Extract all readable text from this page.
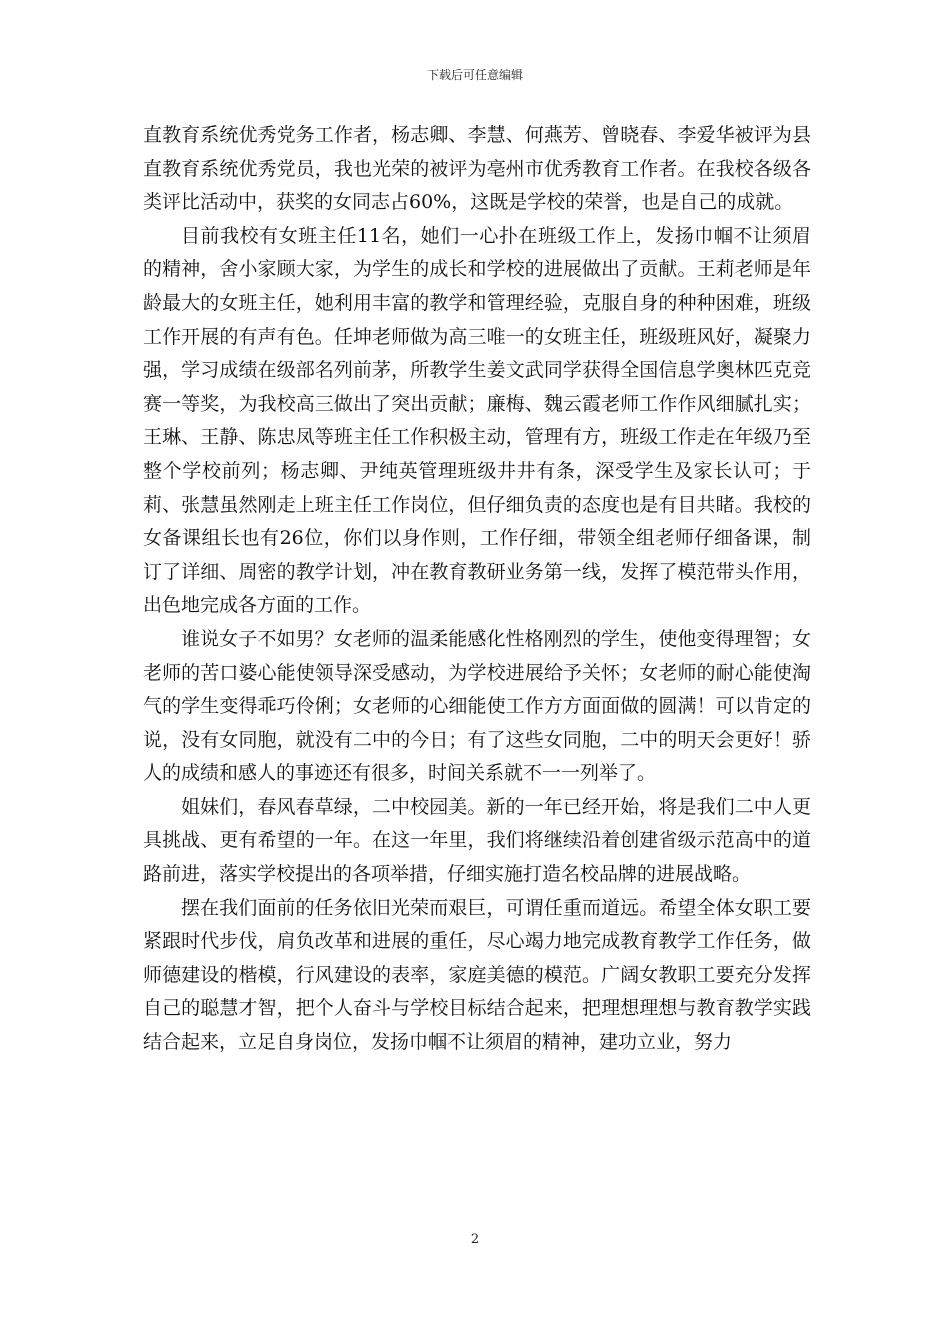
下载后可任意编辑

直教育系统优秀党务工作者，杨志卿、李慧、何燕芳、曾晓春、李爱华被评为县直教育系统优秀党员，我也光荣的被评为亳州市优秀教育工作者。在我校各级各类评比活动中，获奖的女同志占60%，这既是学校的荣誉，也是自己的成就。

目前我校有女班主任11名，她们一心扑在班级工作上，发扬巾帼不让须眉的精神，舍小家顾大家，为学生的成长和学校的进展做出了贡献。王莉老师是年龄最大的女班主任，她利用丰富的教学和管理经验，克服自身的种种困难，班级工作开展的有声有色。任坤老师做为高三唯一的女班主任，班级班风好，凝聚力强，学习成绩在级部名列前茅，所教学生姜文武同学获得全国信息学奥林匹克竞赛一等奖，为我校高三做出了突出贡献；廉梅、魏云霞老师工作作风细腻扎实；王琳、王静、陈忠凤等班主任工作积极主动，管理有方，班级工作走在年级乃至整个学校前列；杨志卿、尹纯英管理班级井井有条，深受学生及家长认可；于莉、张慧虽然刚走上班主任工作岗位，但仔细负责的态度也是有目共睹。我校的女备课组长也有26位，你们以身作则，工作仔细，带领全组老师仔细备课，制订了详细、周密的教学计划，冲在教育教研业务第一线，发挥了模范带头作用，出色地完成各方面的工作。

谁说女子不如男？女老师的温柔能感化性格刚烈的学生，使他变得理智；女老师的苦口婆心能使领导深受感动，为学校进展给予关怀；女老师的耐心能使淘气的学生变得乖巧伶俐；女老师的心细能使工作方方面面做的圆满！可以肯定的说，没有女同胞，就没有二中的今日；有了这些女同胞，二中的明天会更好！骄人的成绩和感人的事迹还有很多，时间关系就不一一列举了。

姐妹们，春风春草绿，二中校园美。新的一年已经开始，将是我们二中人更具挑战、更有希望的一年。在这一年里，我们将继续沿着创建省级示范高中的道路前进，落实学校提出的各项举措，仔细实施打造名校品牌的进展战略。

摆在我们面前的任务依旧光荣而艰巨，可谓任重而道远。希望全体女职工要紧跟时代步伐，肩负改革和进展的重任，尽心竭力地完成教育教学工作任务，做师德建设的楷模，行风建设的表率，家庭美德的模范。广阔女教职工要充分发挥自己的聪慧才智，把个人奋斗与学校目标结合起来，把理想理想与教育教学实践结合起来，立足自身岗位，发扬巾帼不让须眉的精神，建功立业，努力

2
